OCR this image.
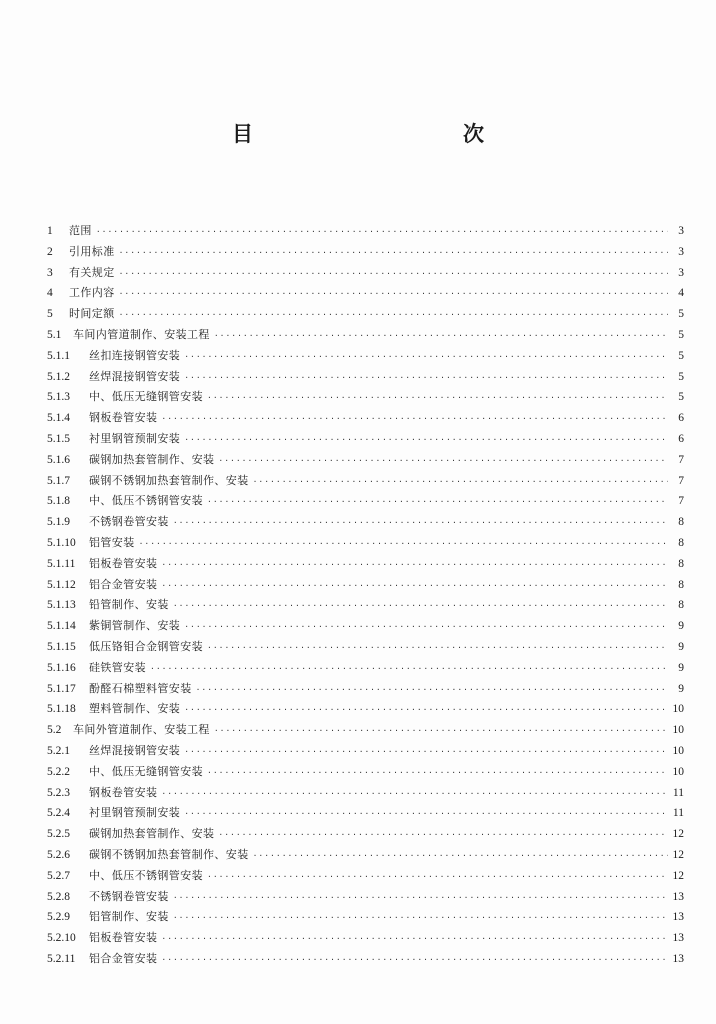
目　　次
1	范围 ·····	3
2	引用标准 ·····	3
3	有关规定 ·····	3
4	工作内容 ·····	4
5	时间定额 ·····	5
5.1	车间内管道制作、安装工程 ·····	5
5.1.1	丝扣连接钢管安装 ·····	5
5.1.2	丝焊混接钢管安装 ·····	5
5.1.3	中、低压无缝钢管安装 ·····	5
5.1.4	钢板卷管安装 ·····	6
5.1.5	衬里钢管预制安装 ·····	6
5.1.6	碳钢加热套管制作、安装 ·····	7
5.1.7	碳钢不锈钢加热套管制作、安装 ·····	7
5.1.8	中、低压不锈钢管安装 ·····	7
5.1.9	不锈钢卷管安装 ·····	8
5.1.10	铝管安装 ·····	8
5.1.11	铝板卷管安装 ·····	8
5.1.12	铝合金管安装 ·····	8
5.1.13	铅管制作、安装 ·····	8
5.1.14	紫铜管制作、安装 ·····	9
5.1.15	低压铬钼合金钢管安装 ·····	9
5.1.16	硅铁管安装 ·····	9
5.1.17	酚醛石棉塑料管安装 ·····	9
5.1.18	塑料管制作、安装 ·····	10
5.2	车间外管道制作、安装工程 ·····	10
5.2.1	丝焊混接钢管安装 ·····	10
5.2.2	中、低压无缝钢管安装 ·····	10
5.2.3	钢板卷管安装 ·····	11
5.2.4	衬里钢管预制安装 ·····	11
5.2.5	碳钢加热套管制作、安装 ·····	12
5.2.6	碳钢不锈钢加热套管制作、安装 ·····	12
5.2.7	中、低压不锈钢管安装 ·····	12
5.2.8	不锈钢卷管安装 ·····	13
5.2.9	铝管制作、安装 ·····	13
5.2.10	铝板卷管安装 ·····	13
5.2.11	铝合金管安装 ·····	13
